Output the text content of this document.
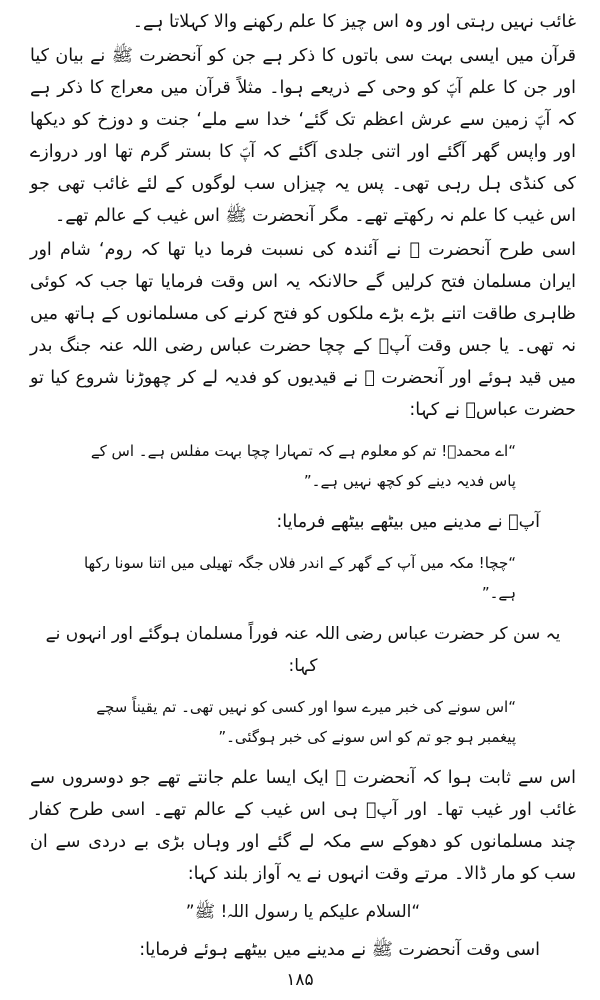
غائب نہیں رہتی اور وہ اس چیز کا علم رکھنے والا کہلاتا ہے۔

قرآن میں ایسی بہت سی باتوں کا ذکر ہے جن کو آنحضرت ﷺ نے بیان کیا اور جن کا علم آپؐ کو وحی کے ذریعے ہوا۔ مثلاً قرآن میں معراج کا ذکر ہے کہ آپؐ زمین سے عرش اعظم تک گئے‘ خدا سے ملے‘ جنت و دوزخ کو دیکھا اور واپس گھر آگئے اور اتنی جلدی آگئے کہ آپؐ کا بستر گرم تھا اور دروازے کی کنڈی ہل رہی تھی۔ پس یہ چیزاں سب لوگوں کے لئے غائب تھی جو اس غیب کا علم نہ رکھتے تھے۔ مگر آنحضرت ﷺ اس غیب کے عالم تھے۔

اسی طرح آنحضرت ﷺ نے آئندہ کی نسبت فرما دیا تھا کہ روم‘ شام اور ایران مسلمان فتح کرلیں گے حالانکہ یہ اس وقت فرمایا تھا جب کہ کوئی ظاہری طاقت اتنے بڑے بڑے ملکوں کو فتح کرنے کی مسلمانوں کے ہاتھ میں نہ تھی۔ یا جس وقت آپؐ کے چچا حضرت عباس رضی اللہ عنہ جنگ بدر میں قید ہوئے اور آنحضرت ﷺ نے قیدیوں کو فدیہ لے کر چھوڑنا شروع کیا تو حضرت عباسؓ نے کہا:

“اے محمدؐ! تم کو معلوم ہے کہ تمہارا چچا بہت مفلس ہے۔ اس کے پاس فدیہ دینے کو کچھ نہیں ہے۔”

آپؐ نے مدینے میں بیٹھے بیٹھے فرمایا:

“چچا! مکہ میں آپ کے گھر کے اندر فلاں جگہ تھیلی میں اتنا سونا رکھا ہے۔”

یہ سن کر حضرت عباس رضی اللہ عنہ فوراً مسلمان ہوگئے اور انہوں نے کہا:

“اس سونے کی خبر میرے سوا اور کسی کو نہیں تھی۔ تم یقیناً سچے پیغمبر ہو جو تم کو اس سونے کی خبر ہوگئی۔”

اس سے ثابت ہوا کہ آنحضرت ﷺ ایک ایسا علم جانتے تھے جو دوسروں سے غائب اور غیب تھا۔ اور آپؐ ہی اس غیب کے عالم تھے۔ اسی طرح کفار چند مسلمانوں کو دھوکے سے مکہ لے گئے اور وہاں بڑی بے دردی سے ان سب کو مار ڈالا۔ مرتے وقت انہوں نے یہ آواز بلند کہا:

“السلام علیکم یا رسول اللہ! ﷺ”

اسی وقت آنحضرت ﷺ نے مدینے میں بیٹھے ہوئے فرمایا:

۱۸۵
